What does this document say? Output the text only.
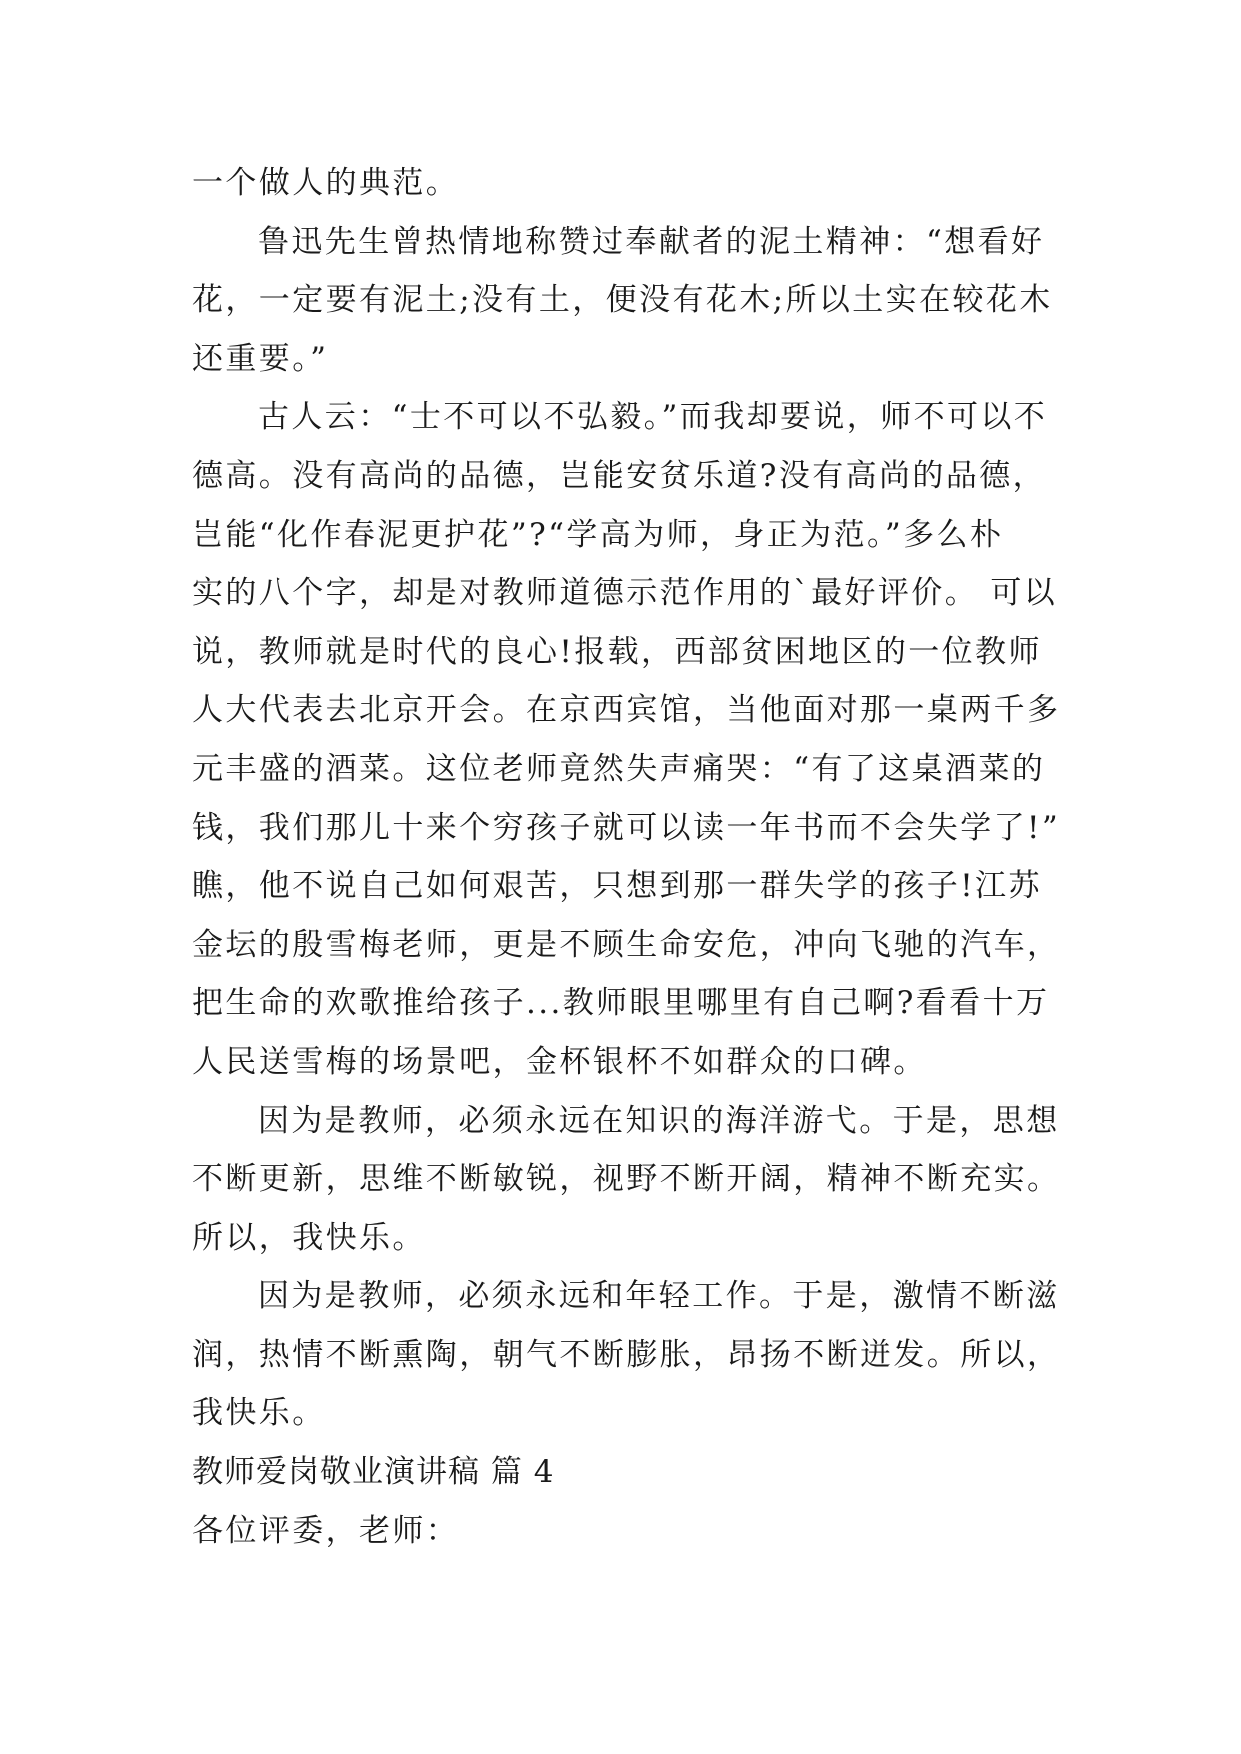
一个做人的典范。
鲁迅先生曾热情地称赞过奉献者的泥土精神：“想看好
花，一定要有泥土;没有土，便没有花木;所以土实在较花木
还重要。”
古人云：“士不可以不弘毅。”而我却要说，师不可以不
德高。没有高尚的品德，岂能安贫乐道?没有高尚的品德，
岂能“化作春泥更护花”?“学高为师，身正为范。”多么朴
实的八个字，却是对教师道德示范作用的`最好评价。 可以
说，教师就是时代的良心!报载，西部贫困地区的一位教师
人大代表去北京开会。在京西宾馆，当他面对那一桌两千多
元丰盛的酒菜。这位老师竟然失声痛哭：“有了这桌酒菜的
钱，我们那儿十来个穷孩子就可以读一年书而不会失学了!”
瞧，他不说自己如何艰苦，只想到那一群失学的孩子!江苏
金坛的殷雪梅老师，更是不顾生命安危，冲向飞驰的汽车，
把生命的欢歌推给孩子...教师眼里哪里有自己啊?看看十万
人民送雪梅的场景吧，金杯银杯不如群众的口碑。
因为是教师，必须永远在知识的海洋游弋。于是，思想
不断更新，思维不断敏锐，视野不断开阔，精神不断充实。
所以，我快乐。
因为是教师，必须永远和年轻工作。于是，激情不断滋
润，热情不断熏陶，朝气不断膨胀，昂扬不断迸发。所以，
我快乐。
教师爱岗敬业演讲稿 篇 4
各位评委，老师：
